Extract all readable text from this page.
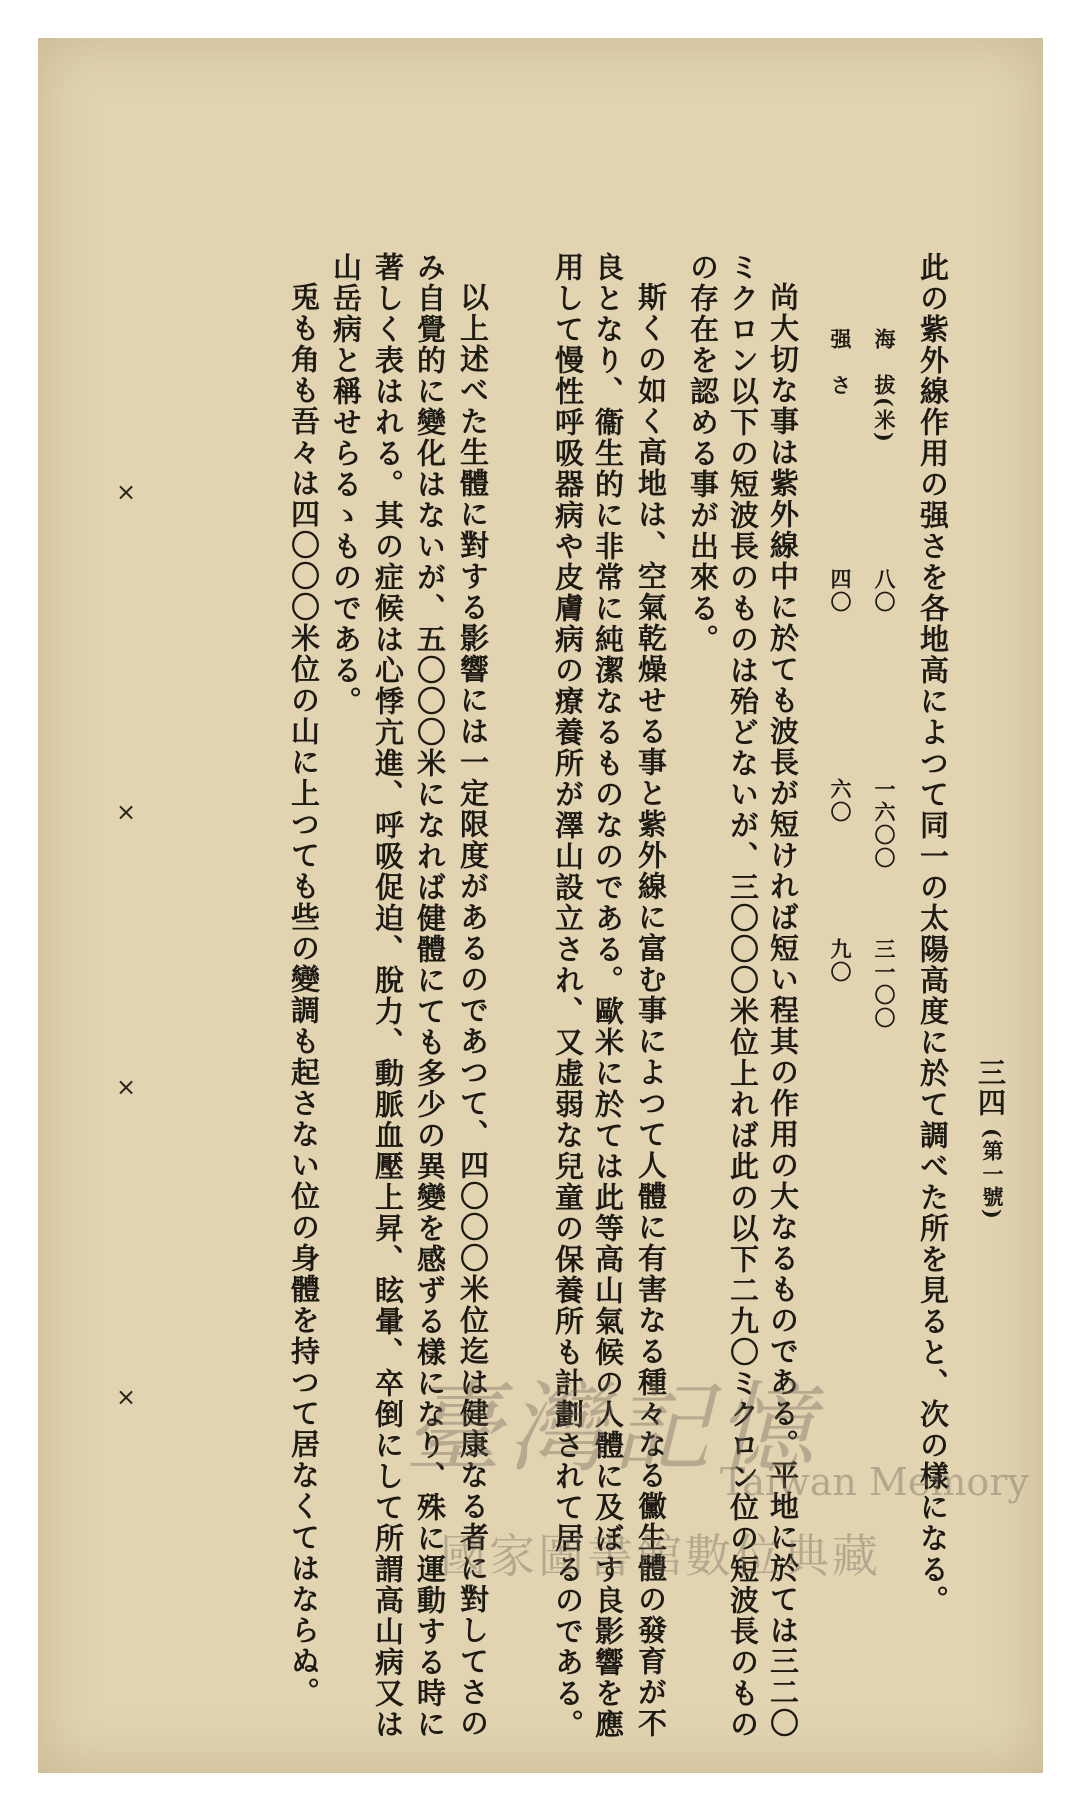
三四
(第一號)
此の紫外線作用の强さを各地高によつて同一の太陽高度に於て調べた所を見ると、次の樣になる。
海　拔(米)
八〇
一六〇〇
三一〇〇
强　さ
四〇
六〇
九〇
尚大切な事は紫外線中に於ても波長が短ければ短い程其の作用の大なるものである。平地に於ては三二〇
ミクロン以下の短波長のものは殆どないが、三〇〇〇米位上れば此の以下二九〇ミクロン位の短波長のもの
の存在を認める事が出來る。
斯くの如く高地は、空氣乾燥せる事と紫外線に富む事によつて人體に有害なる種々なる黴生體の發育が不
良となり、衞生的に非常に純潔なるものなのである。歐米に於ては此等高山氣候の人體に及ぼす良影響を應
用して慢性呼吸器病や皮膚病の療養所が澤山設立され、又虚弱な兒童の保養所も計劃されて居るのである。
以上述べた生體に對する影響には一定限度があるのであつて、四〇〇〇米位迄は健康なる者に對してさの
み自覺的に變化はないが、五〇〇〇米になれば健體にても多少の異變を感ずる樣になり、殊に運動する時に
著しく表はれる。其の症候は心悸亢進、呼吸促迫、脫力、動脈血壓上昇、眩暈、卒倒にして所謂高山病又は
山岳病と稱せらるゝものである。
兎も角も吾々は四〇〇〇米位の山に上つても些の變調も起さない位の身體を持つて居なくてはならぬ。
×
×
×
×	臺灣記憶
Taiwan Memory
國家圖書館數位典藏
